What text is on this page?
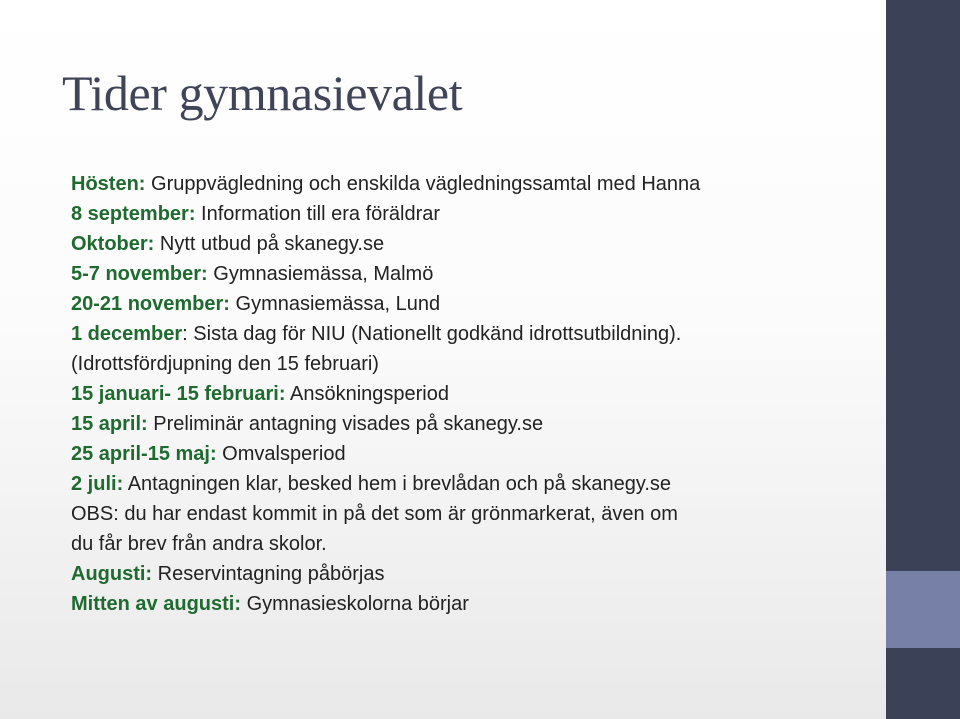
Tider gymnasievalet
Hösten: Gruppvägledning och enskilda vägledningssamtal med Hanna
8 september: Information till era föräldrar
Oktober: Nytt utbud på skanegy.se
5-7 november: Gymnasiemässa, Malmö
20-21 november: Gymnasiemässa, Lund
1 december: Sista dag för NIU (Nationellt godkänd idrottsutbildning).
(Idrottsfördjupning den 15 februari)
15 januari- 15 februari: Ansökningsperiod
15 april: Preliminär antagning visades på skanegy.se
25 april-15 maj: Omvalsperiod
2 juli: Antagningen klar, besked hem i brevlådan och på skanegy.se
OBS: du har endast kommit in på det som är grönmarkerat, även om
du får brev från andra skolor.
Augusti: Reservintagning påbörjas
Mitten av augusti: Gymnasieskolorna börjar
